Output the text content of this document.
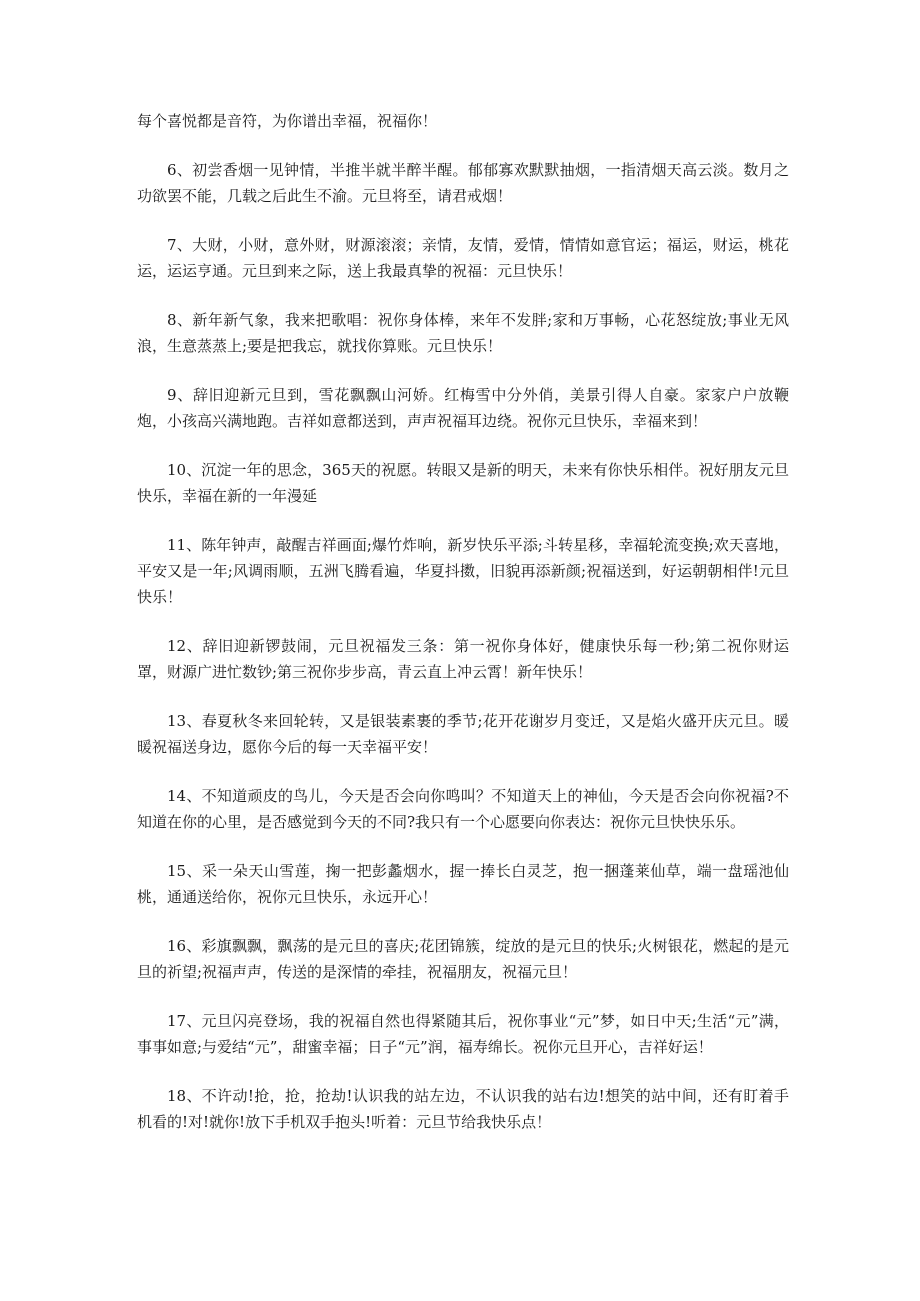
每个喜悦都是音符，为你谱出幸福，祝福你！

6、初尝香烟一见钟情，半推半就半醉半醒。郁郁寡欢默默抽烟，一指清烟天高云淡。数月之功欲罢不能，几载之后此生不渝。元旦将至，请君戒烟！

7、大财，小财，意外财，财源滚滚；亲情，友情，爱情，情情如意官运；福运，财运，桃花运，运运亨通。元旦到来之际，送上我最真挚的祝福：元旦快乐！

8、新年新气象，我来把歌唱：祝你身体棒，来年不发胖;家和万事畅，心花怒绽放;事业无风浪，生意蒸蒸上;要是把我忘，就找你算账。元旦快乐！

9、辞旧迎新元旦到，雪花飘飘山河娇。红梅雪中分外俏，美景引得人自豪。家家户户放鞭炮，小孩高兴满地跑。吉祥如意都送到，声声祝福耳边绕。祝你元旦快乐，幸福来到！

10、沉淀一年的思念，365天的祝愿。转眼又是新的明天，未来有你快乐相伴。祝好朋友元旦快乐，幸福在新的一年漫延

11、陈年钟声，敲醒吉祥画面;爆竹炸响，新岁快乐平添;斗转星移，幸福轮流变换;欢天喜地，平安又是一年;风调雨顺，五洲飞腾看遍，华夏抖擞，旧貌再添新颜;祝福送到，好运朝朝相伴!元旦快乐！

12、辞旧迎新锣鼓闹，元旦祝福发三条：第一祝你身体好，健康快乐每一秒;第二祝你财运罩，财源广进忙数钞;第三祝你步步高，青云直上冲云霄！新年快乐！

13、春夏秋冬来回轮转，又是银装素裹的季节;花开花谢岁月变迁，又是焰火盛开庆元旦。暖暖祝福送身边，愿你今后的每一天幸福平安！

14、不知道顽皮的鸟儿，今天是否会向你鸣叫？不知道天上的神仙，今天是否会向你祝福?不知道在你的心里，是否感觉到今天的不同?我只有一个心愿要向你表达：祝你元旦快快乐乐。

15、采一朵天山雪莲，掬一把彭蠡烟水，握一捧长白灵芝，抱一捆蓬莱仙草，端一盘瑶池仙桃，通通送给你，祝你元旦快乐，永远开心！

16、彩旗飘飘，飘荡的是元旦的喜庆;花团锦簇，绽放的是元旦的快乐;火树银花，燃起的是元旦的祈望;祝福声声，传送的是深情的牵挂，祝福朋友，祝福元旦！

17、元旦闪亮登场，我的祝福自然也得紧随其后，祝你事业“元”梦，如日中天;生活“元”满，事事如意;与爱结“元”，甜蜜幸福；日子“元”润，福寿绵长。祝你元旦开心，吉祥好运！

18、不许动!抢，抢，抢劫!认识我的站左边，不认识我的站右边!想笑的站中间，还有盯着手机看的!对!就你!放下手机双手抱头!听着：元旦节给我快乐点！
